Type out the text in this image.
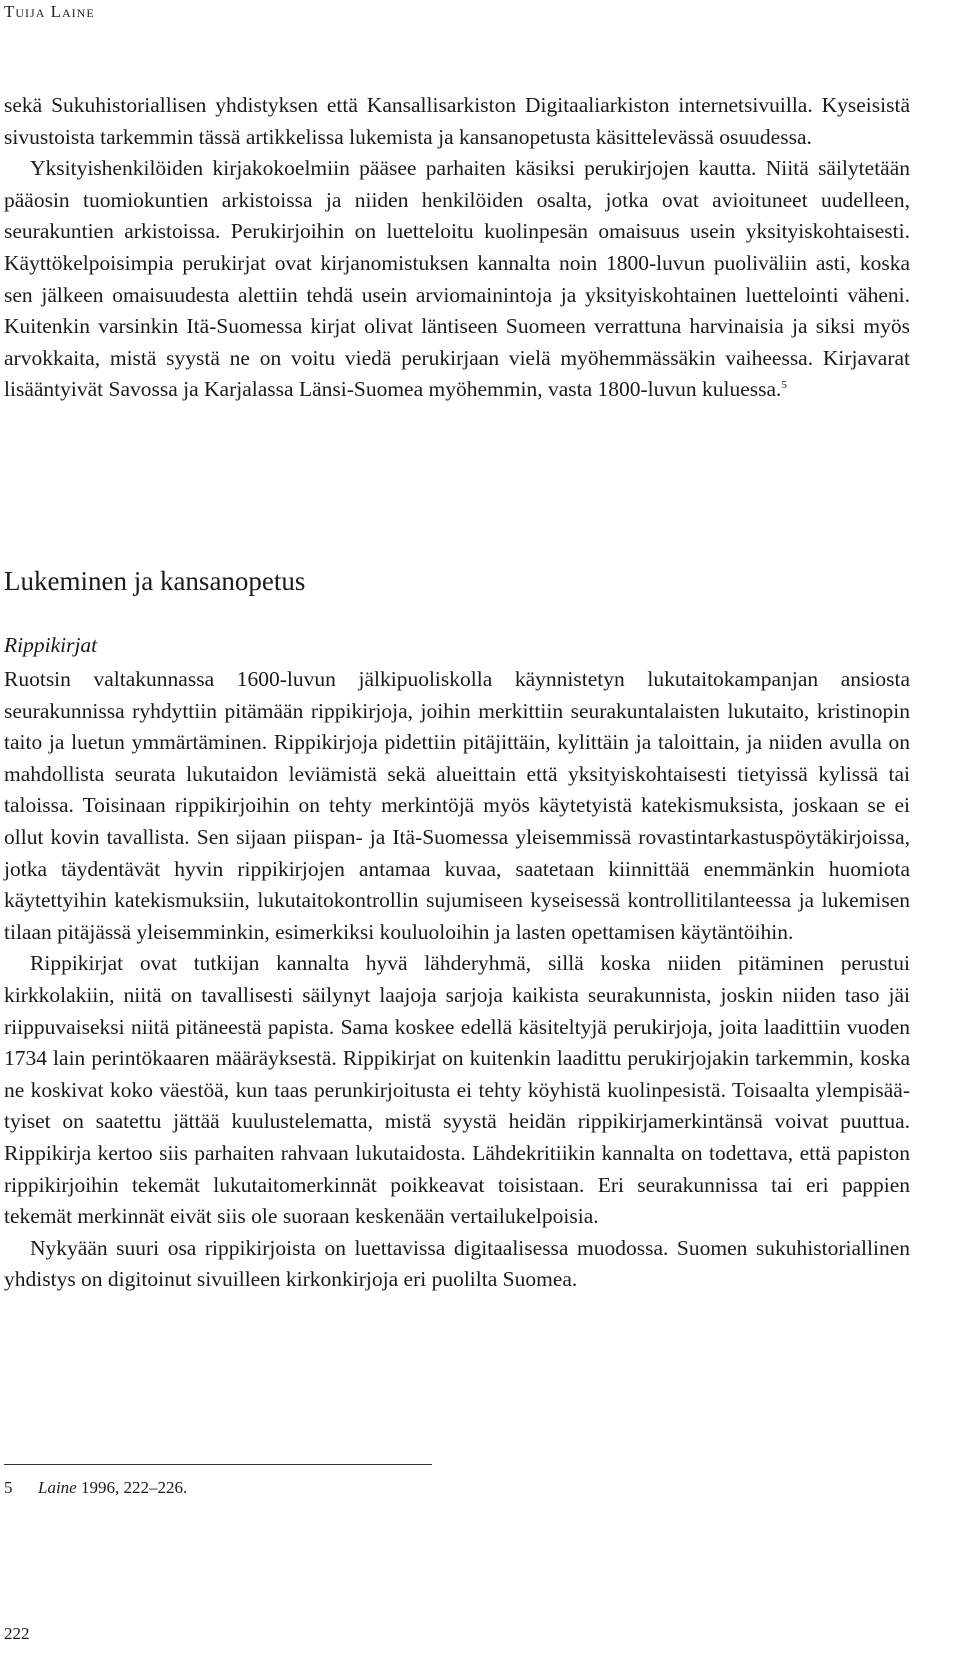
Tuija Laine

sekä Sukuhistoriallisen yhdistyksen että Kansallisarkiston Digitaaliarkiston internetsivuilla. Kyseisistä sivustoista tarkemmin tässä artikkelissa lukemista ja kansanopetusta käsittelevässä osuudessa.

Yksityishenkilöiden kirjakokoelmiin pääsee parhaiten käsiksi perukirjojen kautta. Niitä säilytetään pääosin tuomiokuntien arkistoissa ja niiden henkilöiden osalta, jotka ovat avioituneet uudelleen, seurakuntien arkistoissa. Perukirjoihin on luetteloitu kuolinpesän omaisuus usein yksityiskohtaisesti. Käyttökelpoisimpia perukirjat ovat kirjanomistuksen kannalta noin 1800-luvun puoliväliin asti, koska sen jälkeen omaisuudesta alettiin tehdä usein arviomainintoja ja yksityiskohtainen luettelointi väheni. Kuitenkin varsinkin Itä-Suomessa kirjat olivat läntiseen Suomeen verrattuna harvinaisia ja siksi myös arvokkaita, mistä syystä ne on voitu viedä perukirjaan vielä myöhemmässäkin vaiheessa. Kirjavarat lisääntyivät Savossa ja Karjalassa Länsi-Suomea myöhemmin, vasta 1800-luvun kuluessa.$^5$

Lukeminen ja kansanopetus
Rippikirjat

Ruotsin valtakunnassa 1600-luvun jälkipuoliskolla käynnistetyn lukutaitokampanjan ansiosta seurakunnissa ryhdyttiin pitämään rippikirjoja, joihin merkittiin seurakuntalaisten lukutaito, kristinopin taito ja luetun ymmärtäminen. Rippikirjoja pidettiin pitäjittäin, kylittäin ja taloittain, ja niiden avulla on mahdollista seurata lukutaidon leviämistä sekä alueittain että yksityiskohtaisesti tietyissä kylissä tai taloissa. Toisinaan rippikirjoihin on tehty merkintöjä myös käytetyistä katekismuksista, joskaan se ei ollut kovin tavallista. Sen sijaan piispan- ja Itä-Suomessa yleisemmissä rovastintarkastuspöytäkirjoissa, jotka täydentävät hyvin rippikirjojen antamaa kuvaa, saatetaan kiinnittää enemmänkin huomiota käytettyihin katekismuksiin, lukutaitokontrollin sujumiseen kyseisessä kontrollitilanteessa ja lukemisen tilaan pitäjässä yleisemminkin, esimerkiksi kouluoloihin ja lasten opettamisen käytäntöihin.

Rippikirjat ovat tutkijan kannalta hyvä lähderyhmä, sillä koska niiden pitäminen perustui kirkkolakiin, niitä on tavallisesti säilynyt laajoja sarjoja kaikista seurakunnista, joskin niiden taso jäi riippuvaiseksi niitä pitäneestä papista. Sama koskee edellä käsiteltyjä perukirjoja, joita laadittiin vuoden 1734 lain perintökaaren määräyksestä. Rippikirjat on kuitenkin laadittu perukirjojakin tarkemmin, koska ne koskivat koko väestöä, kun taas perunkirjoitusta ei tehty köyhistä kuolinpesistä. Toisaalta ylempisäätyiset on saatettu jättää kuulustelematta, mistä syystä heidän rippikirjamerkintänsä voivat puuttua. Rippikirja kertoo siis parhaiten rahvaan lukutaidosta. Lähdekritiikin kannalta on todettava, että papiston rippikirjoihin tekemät lukutaitomerkinnät poikkeavat toisistaan. Eri seurakunnissa tai eri pappien tekemät merkinnät eivät siis ole suoraan keskenään vertailukelpoisia.

Nykyään suuri osa rippikirjoista on luettavissa digitaalisessa muodossa. Suomen sukuhistoriallinen yhdistys on digitoinut sivuilleen kirkonkirjoja eri puolilta Suomea.

5 Laine 1996, 222–226.
222
